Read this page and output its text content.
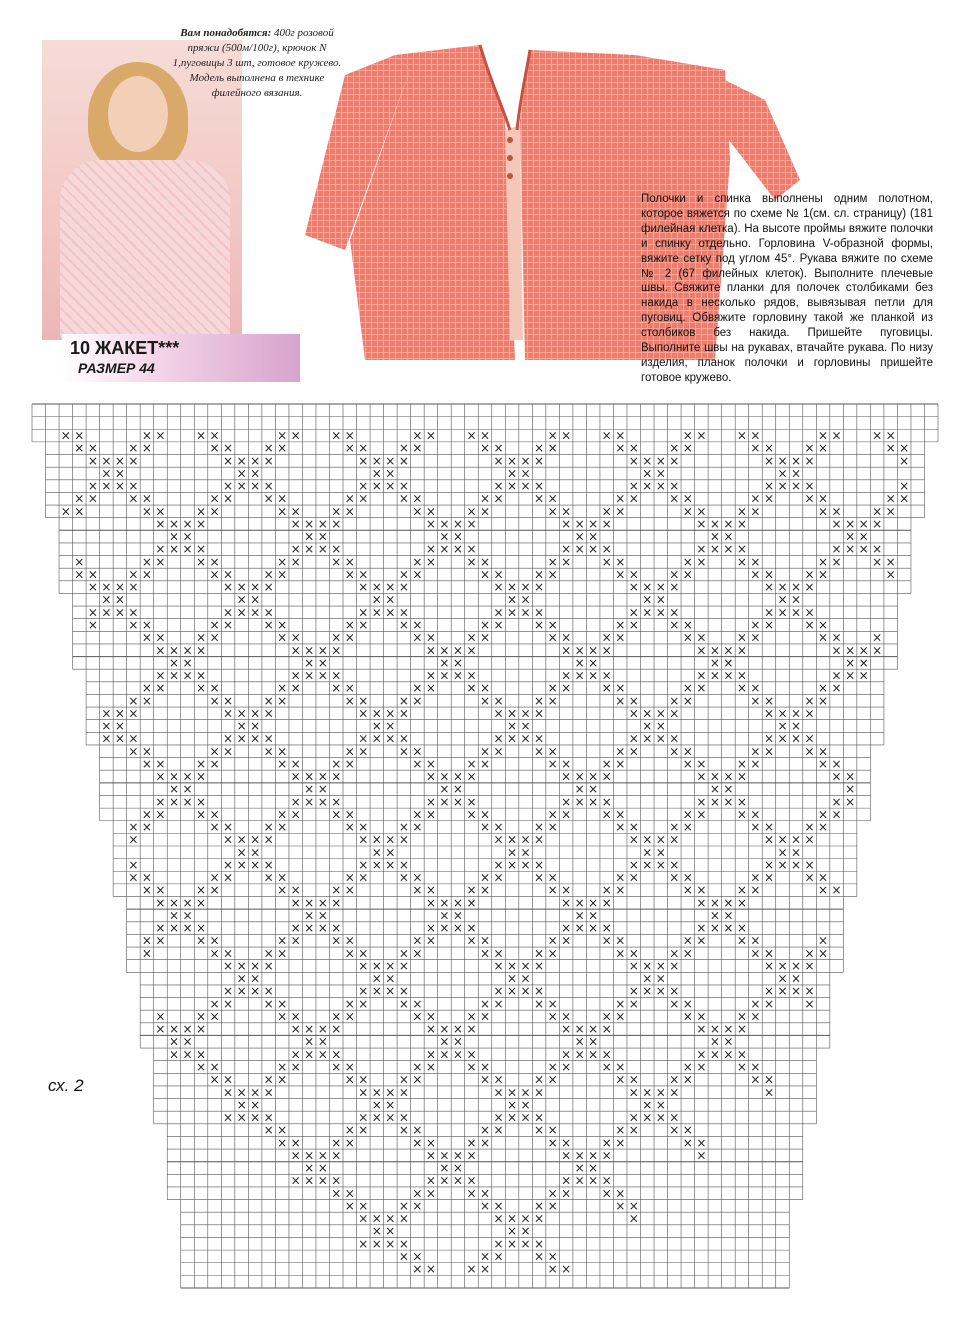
Вам понадобятся: 400г розовой пряжи (500м/100г), крючок N 1,пуговицы 3 шт, готовое кружево. Модель выполнена в технике филейного вязания.
10 ЖАКЕТ***
РАЗМЕР 44
Полочки и спинка выполнены одним полотном, которое вяжется по схеме № 1(см. сл. страницу) (181 филейная клетка). На высоте проймы вяжите полочки и спинку отдельно. Горловина V-образной формы, вяжите сетку под углом 45°. Рукава вяжите по схеме № 2 (67 филейных клеток). Выполните плечевые швы. Свяжите планки для полочек столбиками без накида в несколько рядов, вывязывая петли для пуговиц. Обвяжите горловину такой же планкой из столбиков без накида. Пришейте пуговицы. Выполните швы на рукавах, втачайте рукава. По низу изделия, планок полочки и горловины пришейте готовое кружево.
сх. 2
× ×	× ×	× ×	× ×	× ×	× ×	× ×	× ×	× ×	× ×	× ×	× ×	× ×
× ×	× ×	× ×	× ×	× ×	× ×	× ×	× ×	× ×	× ×	× ×	× ×	× ×
× × × ×	× × × ×	× × × ×	× × × ×	× × × ×	× × × ×	×
× ×	× ×	× ×	× ×	× ×	× ×
× × × ×	× × × ×	× × × ×	× × × ×	× × × ×	× × × ×	×
× ×	× ×	× ×	× ×	× ×	× ×	× ×	× ×	× ×	× ×	× ×	× ×	× ×
× ×	× ×	× ×	× ×	× ×	× ×	× ×	× ×	× ×	× ×	× ×	× ×	× ×
× × × ×	× × × ×	× × × ×	× × × ×	× × × ×	× × × ×
× ×	× ×	× ×	× ×	× ×	× ×
× × × ×	× × × ×	× × × ×	× × × ×	× × × ×	× × × ×
×	× ×	× ×	× ×	× ×	× ×	× ×	× ×	× ×	× ×	× ×	× ×	× ×
× ×	× ×	× ×	× ×	× ×	× ×	× ×	× ×	× ×	× ×	× ×	× ×	×
× × × ×	× × × ×	× × × ×	× × × ×	× × × ×	× × × ×
× ×	× ×	× ×	× ×	× ×	× ×
× × × ×	× × × ×	× × × ×	× × × ×	× × × ×	× × × ×
×	× ×	× ×	× ×	× ×	× ×	× ×	× ×	× ×	× ×	× ×	× ×
× ×	× ×	× ×	× ×	× ×	× ×	× ×	× ×	× ×	× ×	× ×	×
× × × ×	× × × ×	× × × ×	× × × ×	× × × ×	× × × ×
× ×	× ×	× ×	× ×	× ×	× ×
× × × ×	× × × ×	× × × ×	× × × ×	× × × ×	× × ×
× ×	× ×	× ×	× ×	× ×	× ×	× ×	× ×	× ×	× ×	× ×
× ×	× ×	× ×	× ×	× ×	× ×	× ×	× ×	× ×	× ×	× ×
× × ×	× × × ×	× × × ×	× × × ×	× × × ×	× × × ×
× ×	× ×	× ×	× ×	× ×	× ×
× × ×	× × × ×	× × × ×	× × × ×	× × × ×	× × × ×
× ×	× ×	× ×	× ×	× ×	× ×	× ×	× ×	× ×	× ×	× ×
× ×	× ×	× ×	× ×	× ×	× ×	× ×	× ×	× ×	× ×	× ×
× × × ×	× × × ×	× × × ×	× × × ×	× × × ×	× ×
× ×	× ×	× ×	× ×	× ×	×
× × × ×	× × × ×	× × × ×	× × × ×	× × × ×	× ×
× ×	× ×	× ×	× ×	× ×	× ×	× ×	× ×	× ×	× ×	× ×
× ×	× ×	× ×	× ×	× ×	× ×	× ×	× ×	× ×	× ×	× ×
×	× × × ×	× × × ×	× × × ×	× × × ×	× × × ×
× ×	× ×	× ×	× ×	× ×
×	× × × ×	× × × ×	× × × ×	× × × ×	× × × ×
× ×	× ×	× ×	× ×	× ×	× ×	× ×	× ×	× ×	× ×	× ×
× ×	× ×	× ×	× ×	× ×	× ×	× ×	× ×	× ×	× ×	× ×
× × × ×	× × × ×	× × × ×	× × × ×	× × × ×
× ×	× ×	× ×	× ×	× ×
× × × ×	× × × ×	× × × ×	× × × ×	× × × ×
× ×	× ×	× ×	× ×	× ×	× ×	× ×	× ×	× ×	× ×	×
×	× ×	× ×	× ×	× ×	× ×	× ×	× ×	× ×	× ×	× ×
× × × ×	× × × ×	× × × ×	× × × ×	× × × ×
× ×	× ×	× ×	× ×	× ×
× × × ×	× × × ×	× × × ×	× × × ×	× × × ×
× ×	× ×	× ×	× ×	× ×	× ×	× ×	× ×	× ×	×
×	× ×	× ×	× ×	× ×	× ×	× ×	× ×	× ×	× ×
× × × ×	× × × ×	× × × ×	× × × ×	× × × ×
× ×	× ×	× ×	× ×	× ×
× × ×	× × × ×	× × × ×	× × × ×	× × × ×
× ×	× ×	× ×	× ×	× ×	× ×	× ×	× ×	× ×
× ×	× ×	× ×	× ×	× ×	× ×	× ×	× ×	× ×
× × × ×	× × × ×	× × × ×	× × × ×	×
× ×	× ×	× ×	× ×
× × × ×	× × × ×	× × × ×	× × × ×
× ×	× ×	× ×	× ×	× ×	× ×	× ×
× ×	× ×	× ×	× ×	× ×	× ×	× ×
× × × ×	× × × ×	× × × ×	×
× ×	× ×	× ×
× × × ×	× × × ×	× × × ×
× ×	× ×	× ×	× ×	× ×
× ×	× ×	× ×	× ×	× ×
× × × ×	× × × ×	×
× ×	× ×
× × × ×	× × × ×
× ×	× ×	× ×
× ×	× ×	× ×
